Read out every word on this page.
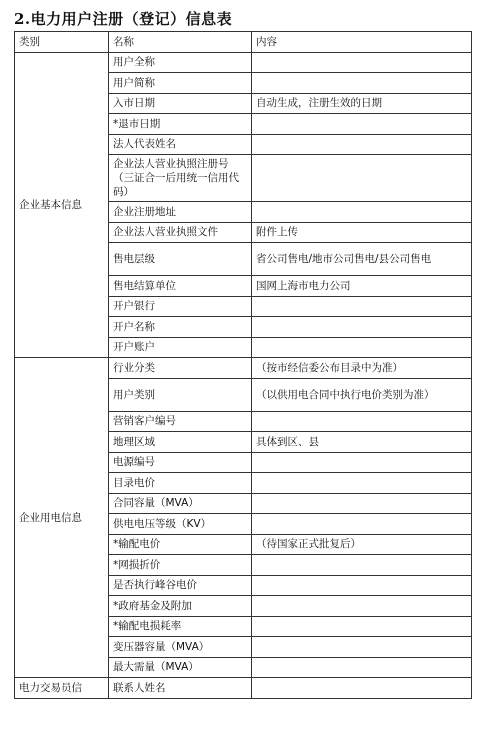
2.电力用户注册（登记）信息表
类别	名称	内容
企业基本信息	用户全称	
	用户简称	
	入市日期	自动生成，注册生效的日期
	*退市日期	
	法人代表姓名	
	企业法人营业执照注册号（三证合一后用统一信用代码）	
	企业注册地址	
	企业法人营业执照文件	附件上传
	售电层级	省公司售电/地市公司售电/县公司售电
	售电结算单位	国网上海市电力公司
	开户银行	
	开户名称	
	开户账户	
企业用电信息	行业分类	（按市经信委公布目录中为准）
	用户类别	（以供用电合同中执行电价类别为准）
	营销客户编号	
	地理区域	具体到区、县
	电源编号	
	目录电价	
	合同容量（MVA）	
	供电电压等级（KV）	
	*输配电价	（待国家正式批复后）
	*网损折价	
	是否执行峰谷电价	
	*政府基金及附加	
	*输配电损耗率	
	变压器容量（MVA）	
	最大需量（MVA）	
电力交易员信	联系人姓名	
